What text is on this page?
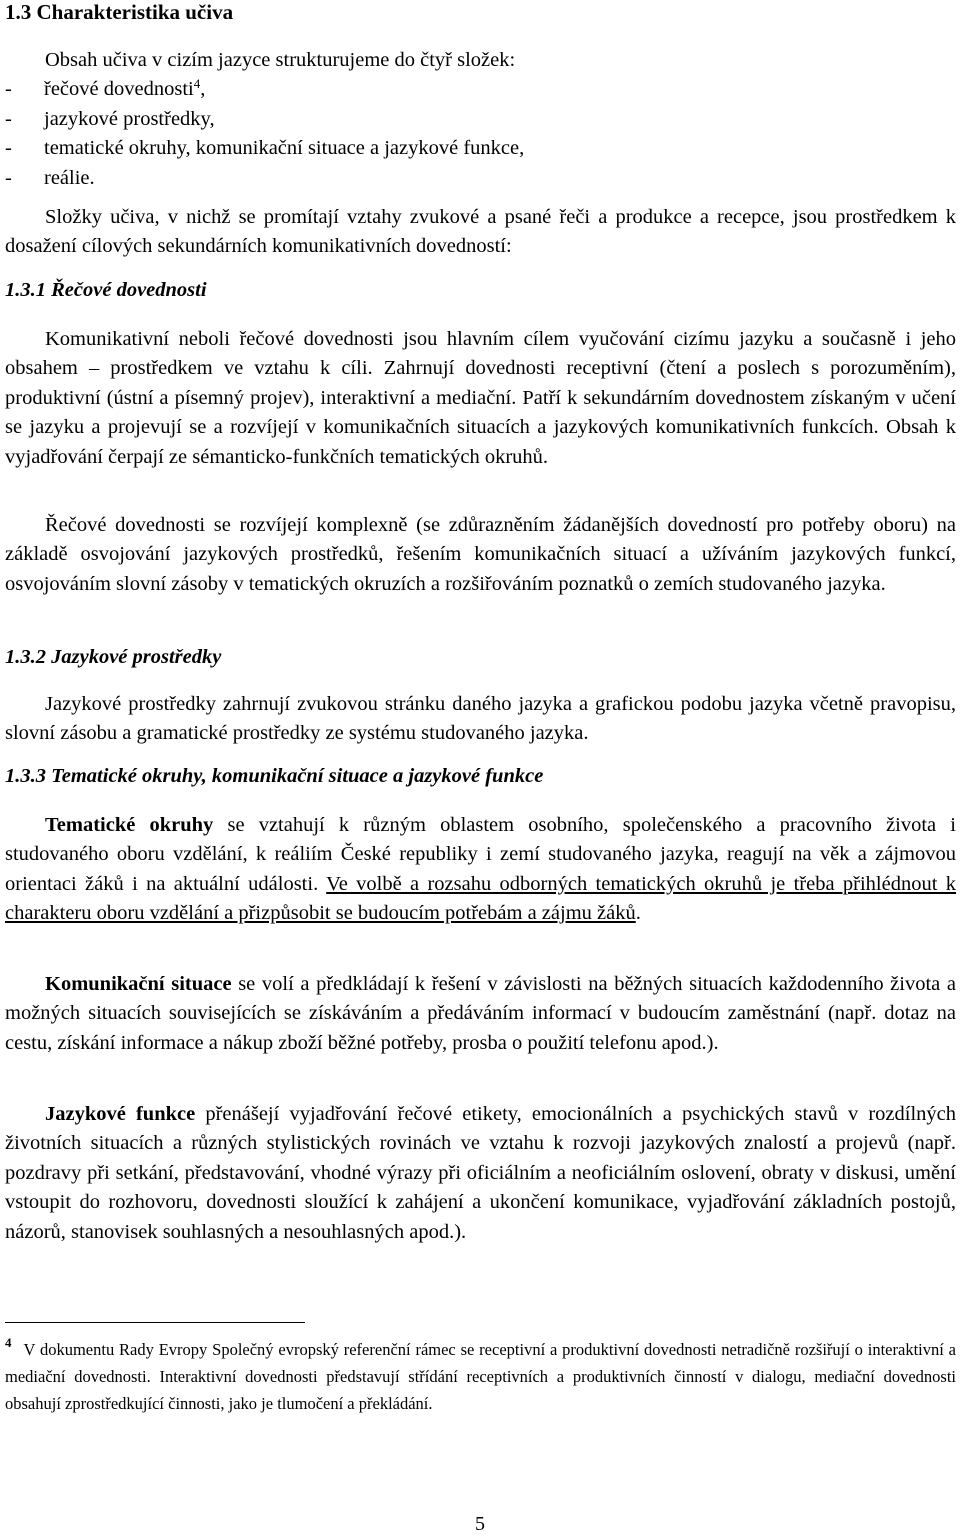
1.3 Charakteristika učiva

Obsah učiva v cizím jazyce strukturujeme do čtyř složek:

-	řečové dovednosti$^4$,
-	jazykové prostředky,
-	tematické okruhy, komunikační situace a jazykové funkce,
-	reálie.

Složky učiva, v nichž se promítají vztahy zvukové a psané řeči a produkce a recepce, jsou prostředkem k dosažení cílových sekundárních komunikativních dovedností:

1.3.1 Řečové dovednosti

Komunikativní neboli řečové dovednosti jsou hlavním cílem vyučování cizímu jazyku a současně i jeho obsahem – prostředkem ve vztahu k cíli. Zahrnují dovednosti receptivní (čtení a poslech s porozuměním), produktivní (ústní a písemný projev), interaktivní a mediační. Patří k sekundárním dovednostem získaným v učení se jazyku a projevují se a rozvíjejí v komunikačních situacích a jazykových komunikativních funkcích. Obsah k vyjadřování čerpají ze sémanticko-funkčních tematických okruhů.

Řečové dovednosti se rozvíjejí komplexně (se zdůrazněním žádanějších dovedností pro potřeby oboru) na základě osvojování jazykových prostředků, řešením komunikačních situací a užíváním jazykových funkcí, osvojováním slovní zásoby v tematických okruzích a rozšiřováním poznatků o zemích studovaného jazyka.

1.3.2 Jazykové prostředky

Jazykové prostředky zahrnují zvukovou stránku daného jazyka a grafickou podobu jazyka včetně pravopisu, slovní zásobu a gramatické prostředky ze systému studovaného jazyka.

1.3.3 Tematické okruhy, komunikační situace a jazykové funkce

Tematické okruhy se vztahují k různým oblastem osobního, společenského a pracovního života i studovaného oboru vzdělání, k reáliím České republiky i zemí studovaného jazyka, reagují na věk a zájmovou orientaci žáků i na aktuální události. Ve volbě a rozsahu odborných tematických okruhů je třeba přihlédnout k charakteru oboru vzdělání a přizpůsobit se budoucím potřebám a zájmu žáků.

Komunikační situace se volí a předkládají k řešení v závislosti na běžných situacích každodenního života a možných situacích souvisejících se získáváním a předáváním informací v budoucím zaměstnání (např. dotaz na cestu, získání informace a nákup zboží běžné potřeby, prosba o použití telefonu apod.).

Jazykové funkce přenášejí vyjadřování řečové etikety, emocionálních a psychických stavů v rozdílných životních situacích a různých stylistických rovinách ve vztahu k rozvoji jazykových znalostí a projevů (např. pozdravy při setkání, představování, vhodné výrazy při oficiálním a neoficiálním oslovení, obraty v diskusi, umění vstoupit do rozhovoru, dovednosti sloužící k zahájení a ukončení komunikace, vyjadřování základních postojů, názorů, stanovisek souhlasných a nesouhlasných apod.).

$^4$ V dokumentu Rady Evropy Společný evropský referenční rámec se receptivní a produktivní dovednosti netradičně rozšiřují o interaktivní a mediační dovednosti. Interaktivní dovednosti představují střídání receptivních a produktivních činností v dialogu, mediační dovednosti obsahují zprostředkující činnosti, jako je tlumočení a překládání.
5
